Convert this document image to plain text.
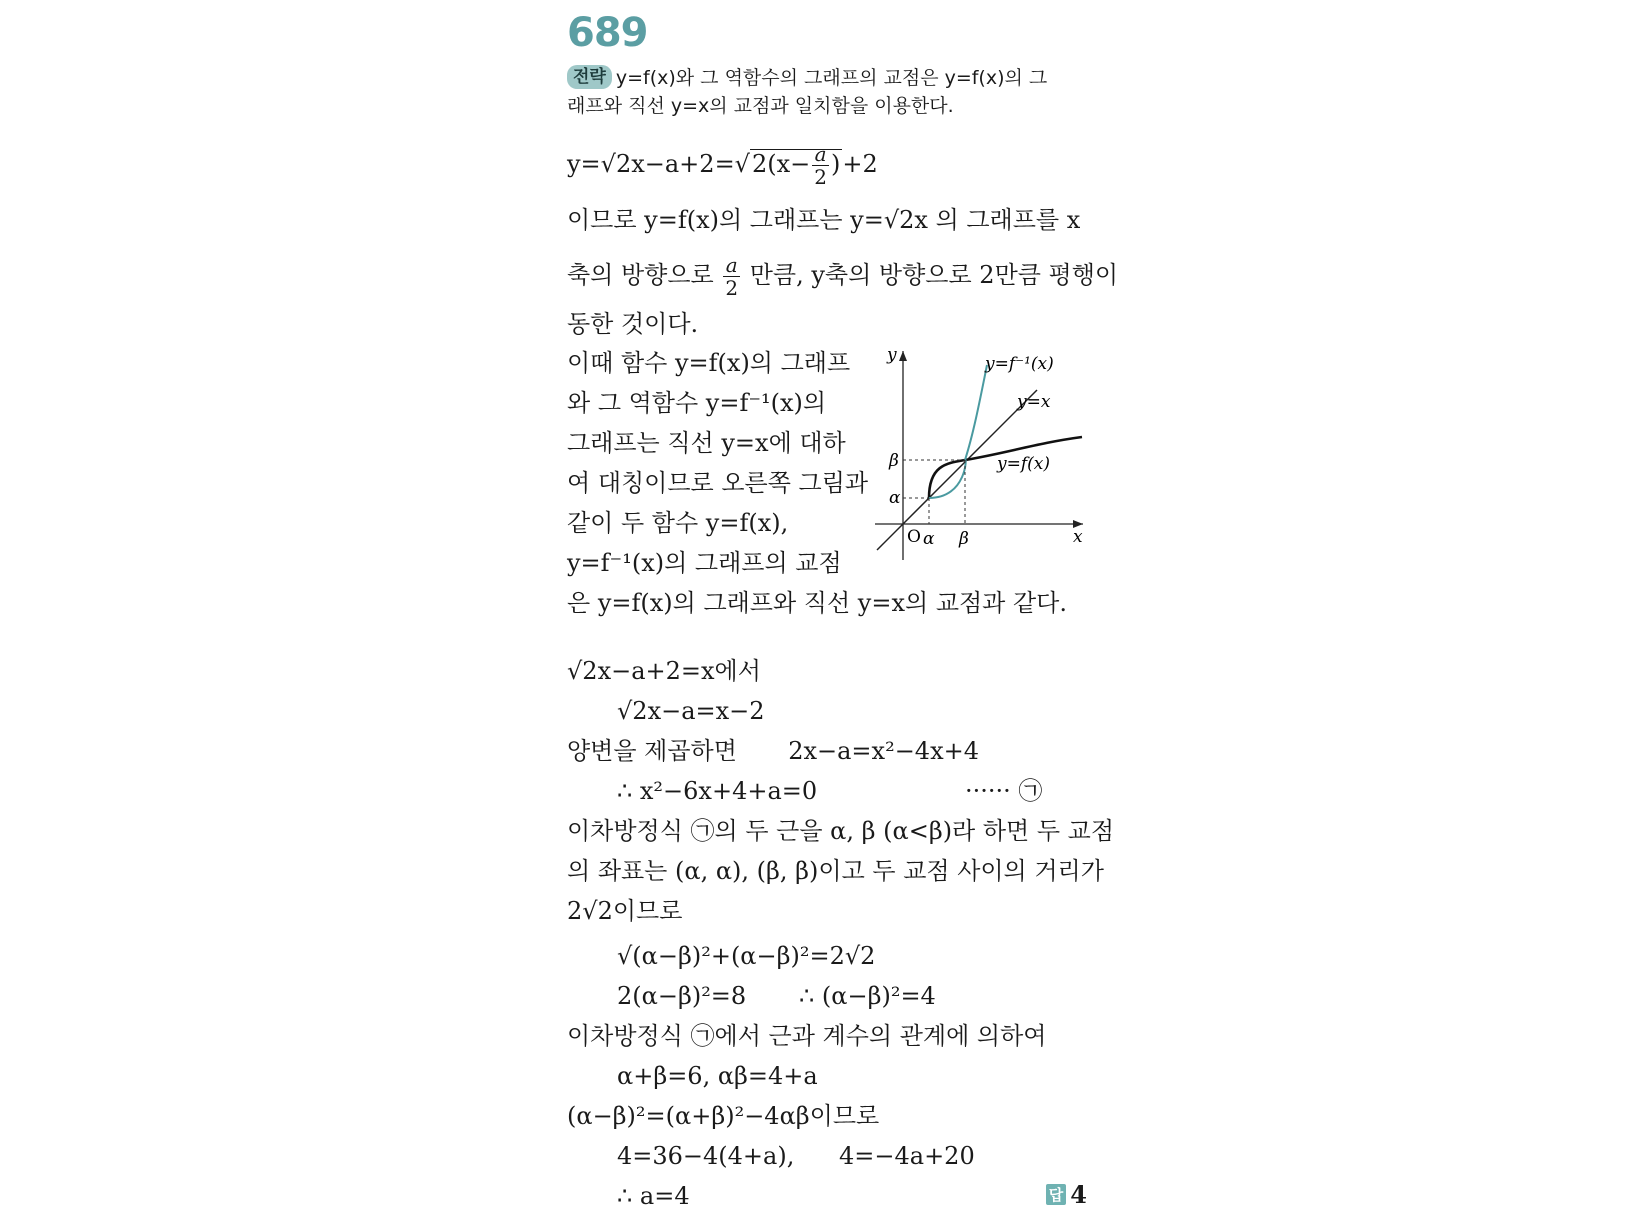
689
전략 y=f(x)와 그 역함수의 그래프의 교점은 y=f(x)의 그
래프와 직선 y=x의 교점과 일치함을 이용한다.
$y=√2x-a+2=√2(x- \frac{a}{2} )+2$
이므로 y=f(x)의 그래프는 y=√2x 의 그래프를 x
축의 방향으로 $\frac{a}{2}$ 만큼, y축의 방향으로 2만큼 평행이
동한 것이다.
이때 함수 y=f(x)의 그래프
와 그 역함수 y=f⁻¹(x)의
그래프는 직선 y=x에 대하
여 대칭이므로 오른쪽 그림과
같이 두 함수 y=f(x),
y=f⁻¹(x)의 그래프의 교점
은 y=f(x)의 그래프와 직선 y=x의 교점과 같다.
y
x
O
α
β
α β
y=f⁻¹(x)
y=x
y=f(x)
√2x−a+2=x에서
√2x−a=x−2
양변을 제곱하면 2x−a=x²−4x+4
∴ x²−6x+4+a=0	······ ㉠
이차방정식 ㉠의 두 근을 α, β (α<β)라 하면 두 교점
의 좌표는 (α, α), (β, β)이고 두 교점 사이의 거리가
2√2이므로
√(α−β)²+(α−β)²=2√2
2(α−β)²=8 ∴ (α−β)²=4
이차방정식 ㉠에서 근과 계수의 관계에 의하여
α+β=6, αβ=4+a
(α−β)²=(α+β)²−4αβ이므로
4=36−4(4+a), 4=−4a+20
∴ a=4	답 4
